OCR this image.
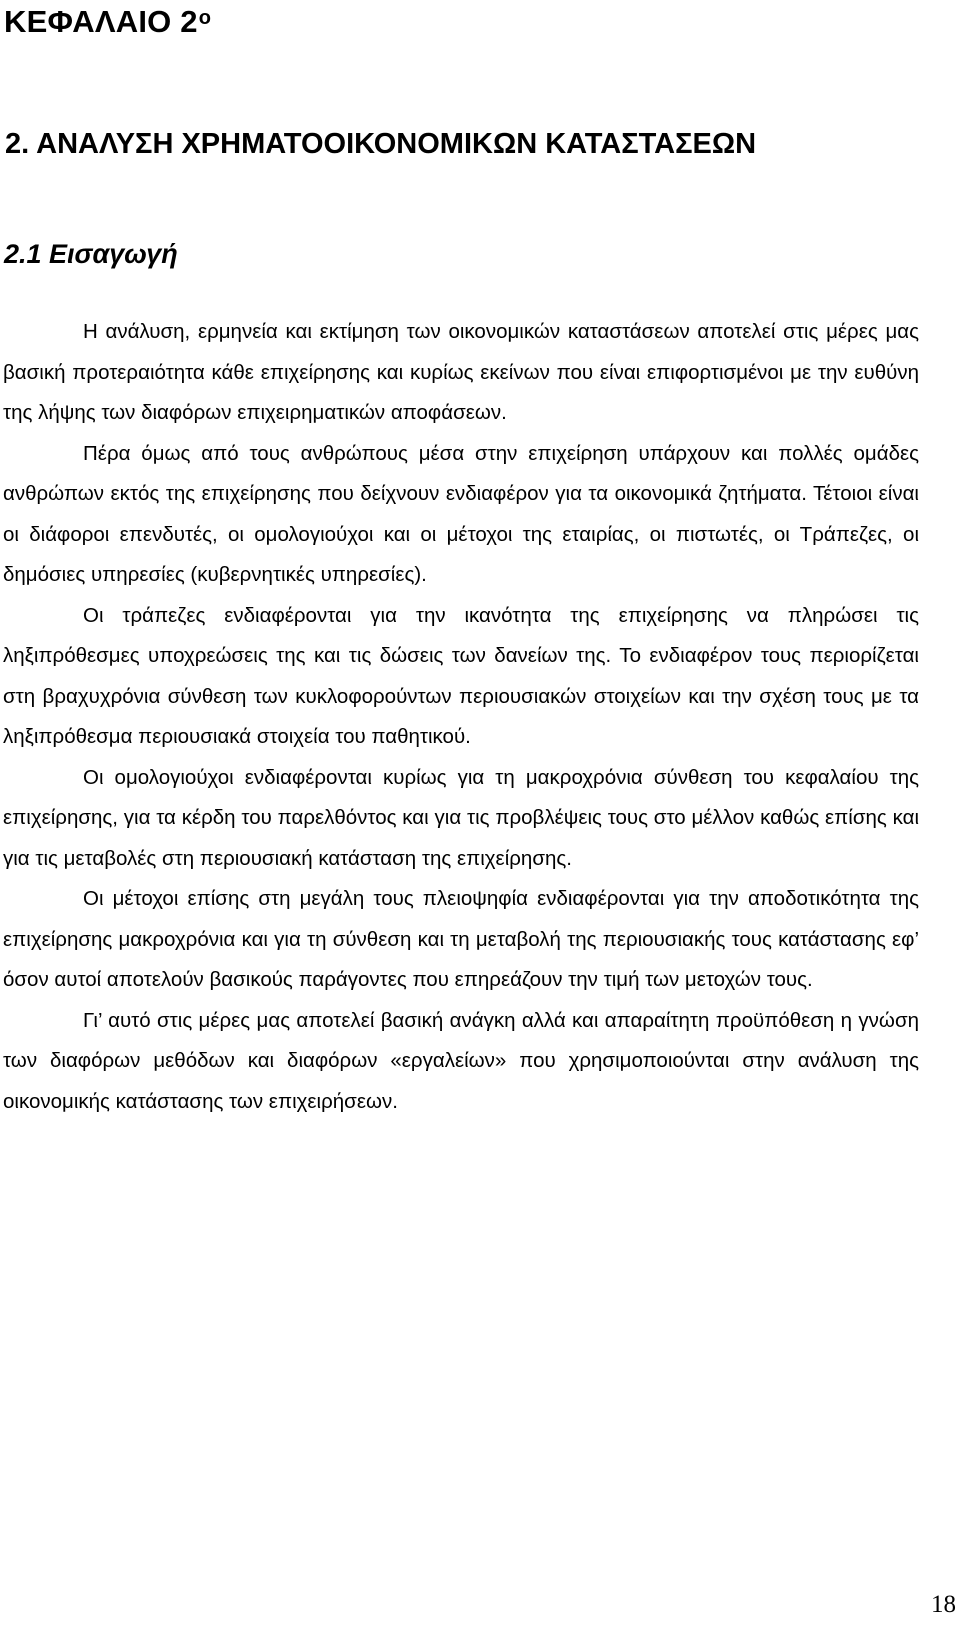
ΚΕΦΑΛΑΙΟ $2^o$
2. ΑΝΑΛΥΣΗ ΧΡΗΜΑΤΟΟΙΚΟΝΟΜΙΚΩΝ ΚΑΤΑΣΤΑΣΕΩΝ
2.1 Εισαγωγή

Η ανάλυση, ερμηνεία και εκτίμηση των οικονομικών καταστάσεων αποτελεί στις μέρες μας βασική προτεραιότητα κάθε επιχείρησης και κυρίως εκείνων που είναι επιφορτισμένοι με την ευθύνη της λήψης των διαφόρων επιχειρηματικών αποφάσεων.

Πέρα όμως από τους ανθρώπους μέσα στην επιχείρηση υπάρχουν και πολλές ομάδες ανθρώπων εκτός της επιχείρησης που δείχνουν ενδιαφέρον για τα οικονομικά ζητήματα. Τέτοιοι είναι οι διάφοροι επενδυτές, οι ομολογιούχοι και οι μέτοχοι της εταιρίας, οι πιστωτές, οι Τράπεζες, οι δημόσιες υπηρεσίες (κυβερνητικές υπηρεσίες).

Οι τράπεζες ενδιαφέρονται για την ικανότητα της επιχείρησης να πληρώσει τις ληξιπρόθεσμες υποχρεώσεις της και τις δώσεις των δανείων της. Το ενδιαφέρον τους περιορίζεται στη βραχυχρόνια σύνθεση των κυκλοφορούντων περιουσιακών στοιχείων και την σχέση τους με τα ληξιπρόθεσμα περιουσιακά στοιχεία του παθητικού.

Οι ομολογιούχοι ενδιαφέρονται κυρίως για τη μακροχρόνια σύνθεση του κεφαλαίου της επιχείρησης, για τα κέρδη του παρελθόντος και για τις προβλέψεις τους στο μέλλον καθώς επίσης και για τις μεταβολές στη περιουσιακή κατάσταση της επιχείρησης.

Οι μέτοχοι επίσης στη μεγάλη τους πλειοψηφία ενδιαφέρονται για την αποδοτικότητα της επιχείρησης μακροχρόνια και για τη σύνθεση και τη μεταβολή της περιουσιακής τους κατάστασης εφ’ όσον αυτοί αποτελούν βασικούς παράγοντες που επηρεάζουν την τιμή των μετοχών τους.

Γι’ αυτό στις μέρες μας αποτελεί βασική ανάγκη αλλά και απαραίτητη προϋπόθεση η γνώση των διαφόρων μεθόδων και διαφόρων «εργαλείων» που χρησιμοποιούνται στην ανάλυση της οικονομικής κατάστασης των επιχειρήσεων.

18
